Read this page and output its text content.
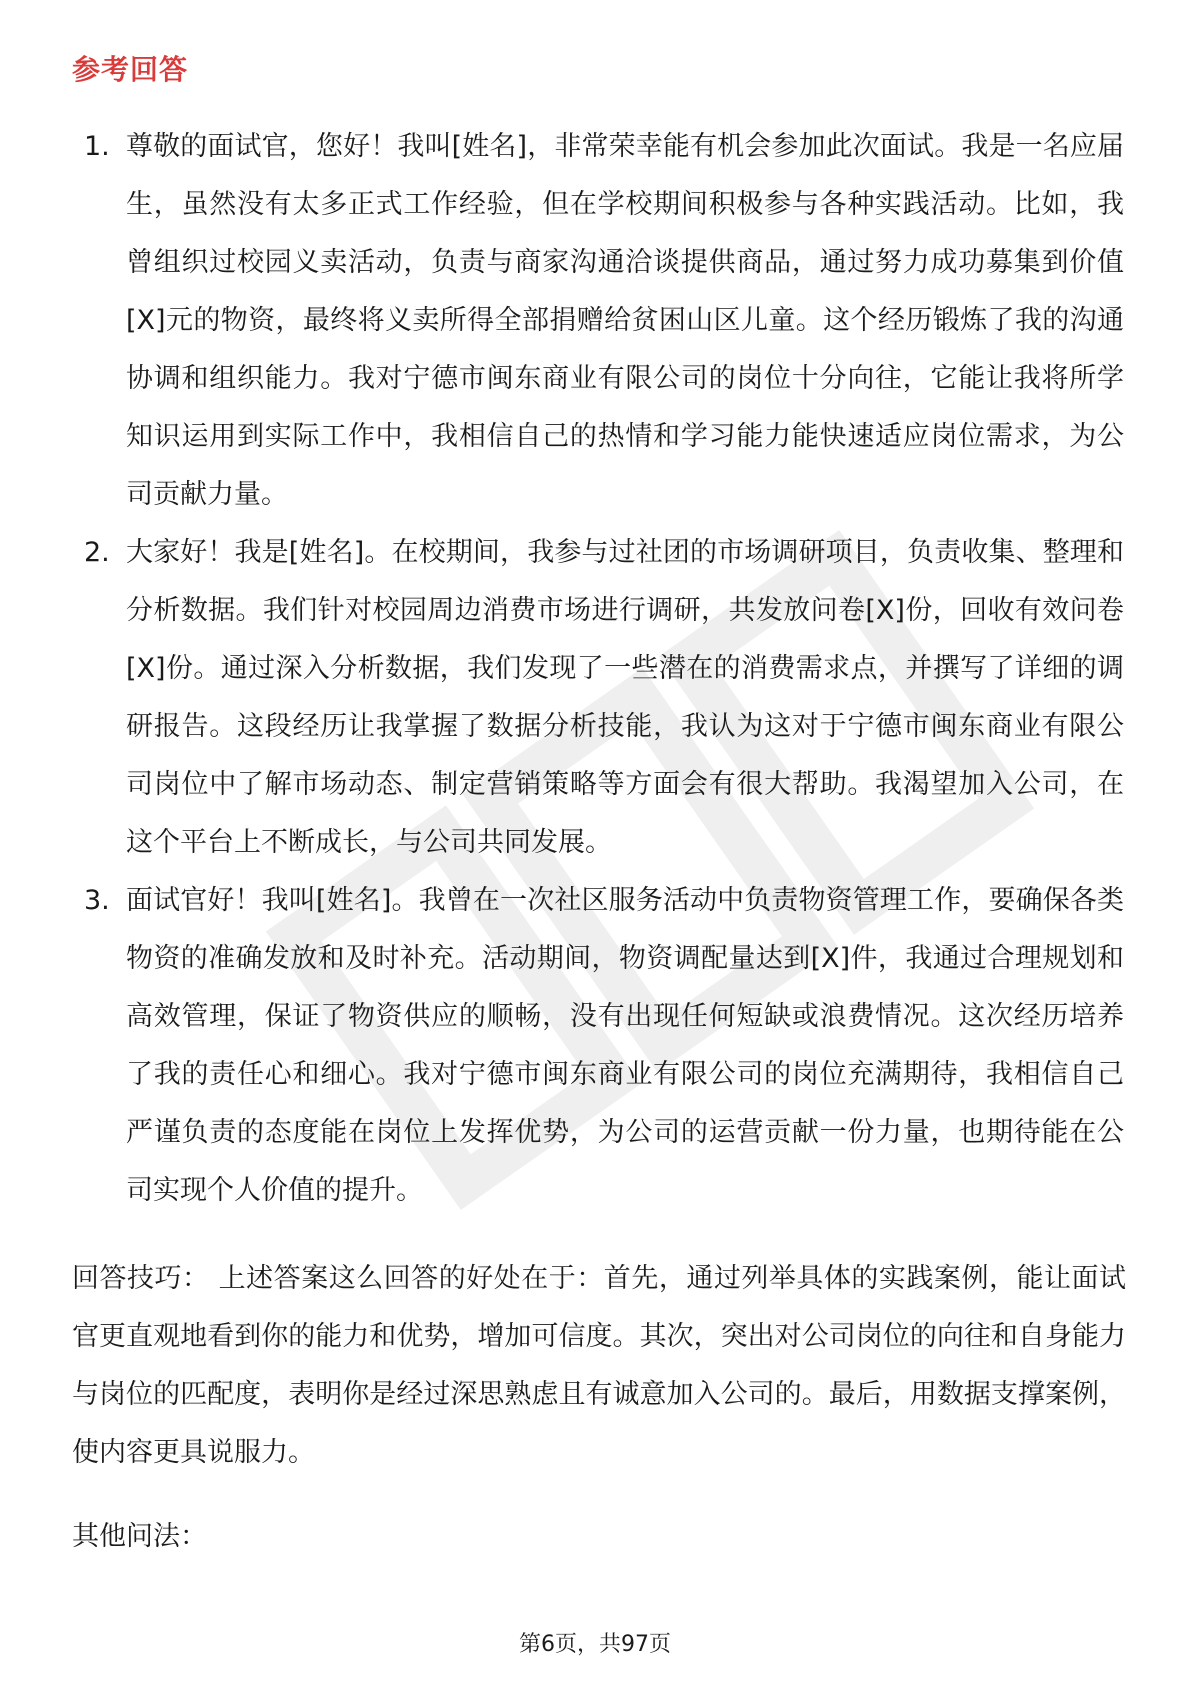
参考回答
1. 尊敬的面试官，您好！我叫[姓名]，非常荣幸能有机会参加此次面试。我是一名应届生，虽然没有太多正式工作经验，但在学校期间积极参与各种实践活动。比如，我曾组织过校园义卖活动，负责与商家沟通洽谈提供商品，通过努力成功募集到价值[X]元的物资，最终将义卖所得全部捐赠给贫困山区儿童。这个经历锻炼了我的沟通协调和组织能力。我对宁德市闽东商业有限公司的岗位十分向往，它能让我将所学知识运用到实际工作中，我相信自己的热情和学习能力能快速适应岗位需求，为公司贡献力量。
2. 大家好！我是[姓名]。在校期间，我参与过社团的市场调研项目，负责收集、整理和分析数据。我们针对校园周边消费市场进行调研，共发放问卷[X]份，回收有效问卷[X]份。通过深入分析数据，我们发现了一些潜在的消费需求点，并撰写了详细的调研报告。这段经历让我掌握了数据分析技能，我认为这对于宁德市闽东商业有限公司岗位中了解市场动态、制定营销策略等方面会有很大帮助。我渴望加入公司，在这个平台上不断成长，与公司共同发展。
3. 面试官好！我叫[姓名]。我曾在一次社区服务活动中负责物资管理工作，要确保各类物资的准确发放和及时补充。活动期间，物资调配量达到[X]件，我通过合理规划和高效管理，保证了物资供应的顺畅，没有出现任何短缺或浪费情况。这次经历培养了我的责任心和细心。我对宁德市闽东商业有限公司的岗位充满期待，我相信自己严谨负责的态度能在岗位上发挥优势，为公司的运营贡献一份力量，也期待能在公司实现个人价值的提升。

回答技巧： 上述答案这么回答的好处在于：首先，通过列举具体的实践案例，能让面试官更直观地看到你的能力和优势，增加可信度。其次，突出对公司岗位的向往和自身能力与岗位的匹配度，表明你是经过深思熟虑且有诚意加入公司的。最后，用数据支撑案例，使内容更具说服力。

其他问法：

第6页，共97页
